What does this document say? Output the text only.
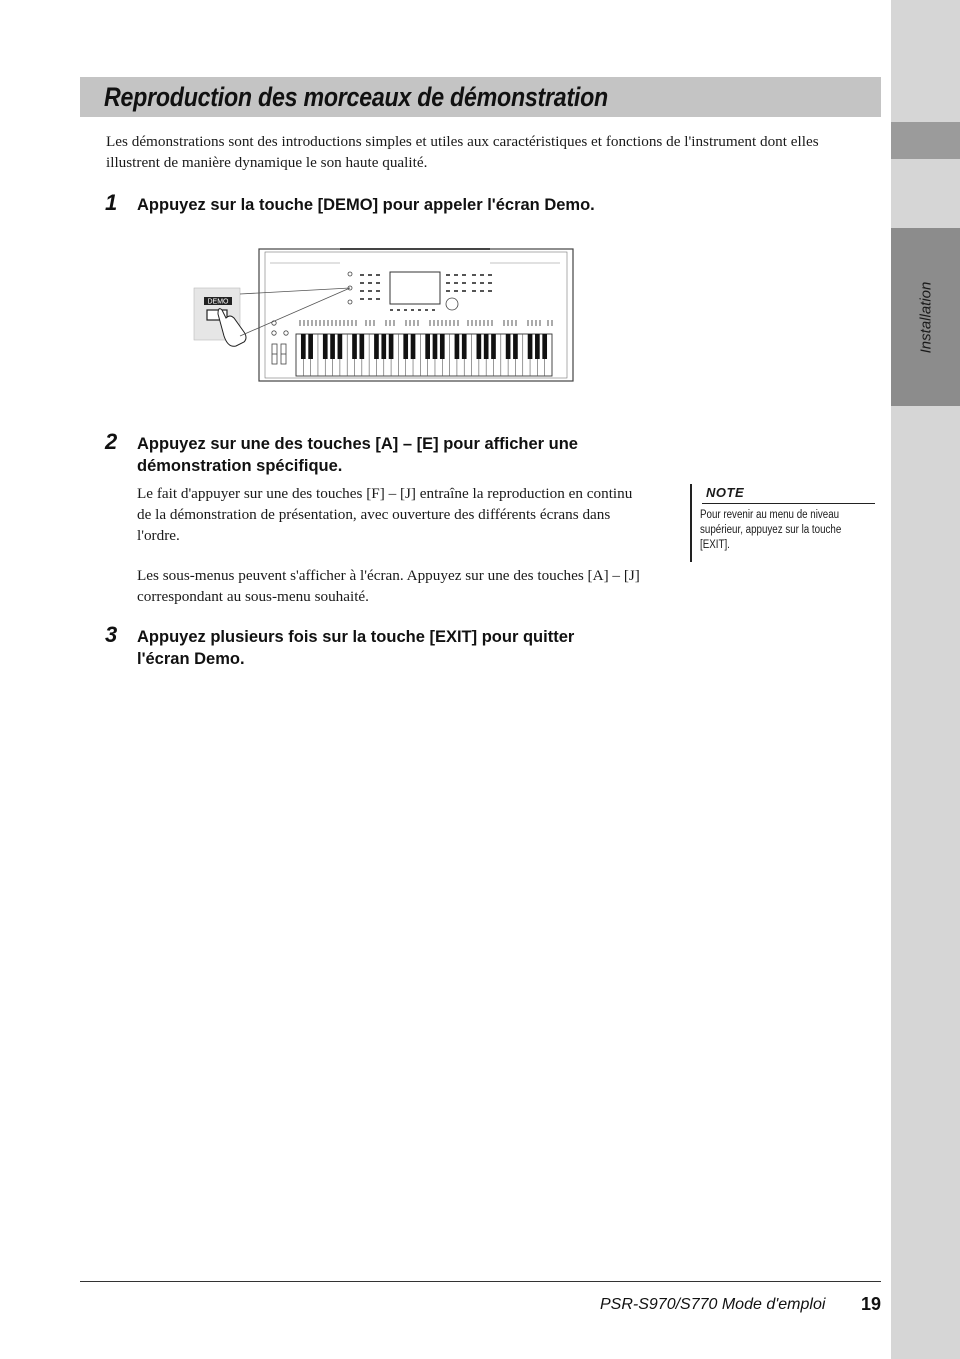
Installation
Reproduction des morceaux de démonstration

Les démonstrations sont des introductions simples et utiles aux caractéristiques et fonctions de l'instrument dont elles illustrent de manière dynamique le son haute qualité.

1 Appuyez sur la touche [DEMO] pour appeler l'écran Demo.
DEMO
2 Appuyez sur une des touches [A] – [E] pour afficher une démonstration spécifique.
Le fait d'appuyer sur une des touches [F] – [J] entraîne la reproduction en continu de la démonstration de présentation, avec ouverture des différents écrans dans l'ordre.
Les sous-menus peuvent s'afficher à l'écran. Appuyez sur une des touches [A] – [J] correspondant au sous-menu souhaité.
NOTE
Pour revenir au menu de niveau supérieur, appuyez sur la touche [EXIT].
3 Appuyez plusieurs fois sur la touche [EXIT] pour quitter l'écran Demo.
PSR-S970/S770 Mode d'emploi 19
